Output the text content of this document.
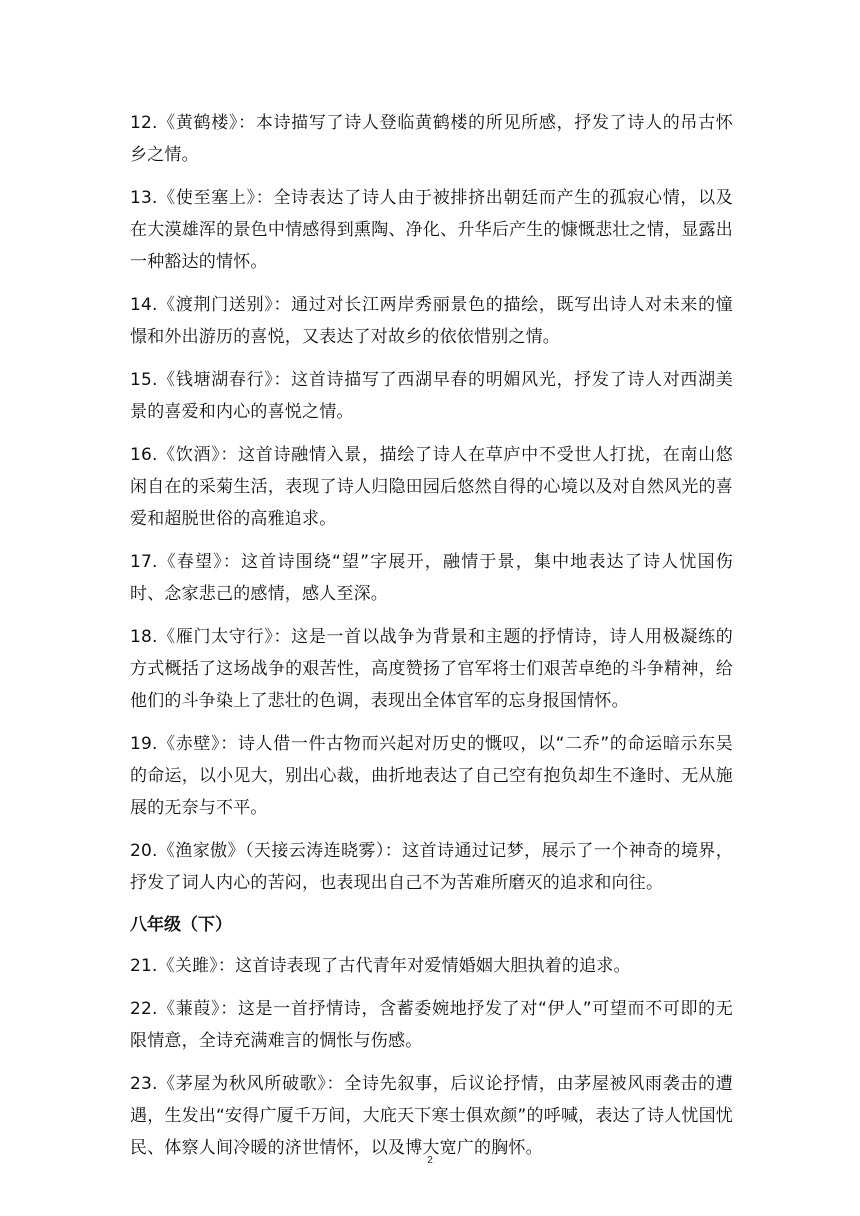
12.《黄鹤楼》：本诗描写了诗人登临黄鹤楼的所见所感，抒发了诗人的吊古怀乡之情。

13.《使至塞上》：全诗表达了诗人由于被排挤出朝廷而产生的孤寂心情，以及在大漠雄浑的景色中情感得到熏陶、净化、升华后产生的慷慨悲壮之情，显露出一种豁达的情怀。

14.《渡荆门送别》：通过对长江两岸秀丽景色的描绘，既写出诗人对未来的憧憬和外出游历的喜悦，又表达了对故乡的依依惜别之情。

15.《钱塘湖春行》：这首诗描写了西湖早春的明媚风光，抒发了诗人对西湖美景的喜爱和内心的喜悦之情。

16.《饮酒》：这首诗融情入景，描绘了诗人在草庐中不受世人打扰，在南山悠闲自在的采菊生活，表现了诗人归隐田园后悠然自得的心境以及对自然风光的喜爱和超脱世俗的高雅追求。

17.《春望》：这首诗围绕“望”字展开，融情于景，集中地表达了诗人忧国伤时、念家悲己的感情，感人至深。

18.《雁门太守行》：这是一首以战争为背景和主题的抒情诗，诗人用极凝练的方式概括了这场战争的艰苦性，高度赞扬了官军将士们艰苦卓绝的斗争精神，给他们的斗争染上了悲壮的色调，表现出全体官军的忘身报国情怀。

19.《赤壁》：诗人借一件古物而兴起对历史的慨叹，以“二乔”的命运暗示东吴的命运，以小见大，别出心裁，曲折地表达了自己空有抱负却生不逢时、无从施展的无奈与不平。

20.《渔家傲》（天接云涛连晓雾）：这首诗通过记梦，展示了一个神奇的境界，抒发了词人内心的苦闷，也表现出自己不为苦难所磨灭的追求和向往。

八年级（下）

21.《关雎》：这首诗表现了古代青年对爱情婚姻大胆执着的追求。

22.《蒹葭》：这是一首抒情诗，含蓄委婉地抒发了对“伊人”可望而不可即的无限情意，全诗充满难言的惆怅与伤感。

23.《茅屋为秋风所破歌》：全诗先叙事，后议论抒情，由茅屋被风雨袭击的遭遇，生发出“安得广厦千万间，大庇天下寒士俱欢颜”的呼喊，表达了诗人忧国忧民、体察人间冷暖的济世情怀，以及博大宽广的胸怀。

2
